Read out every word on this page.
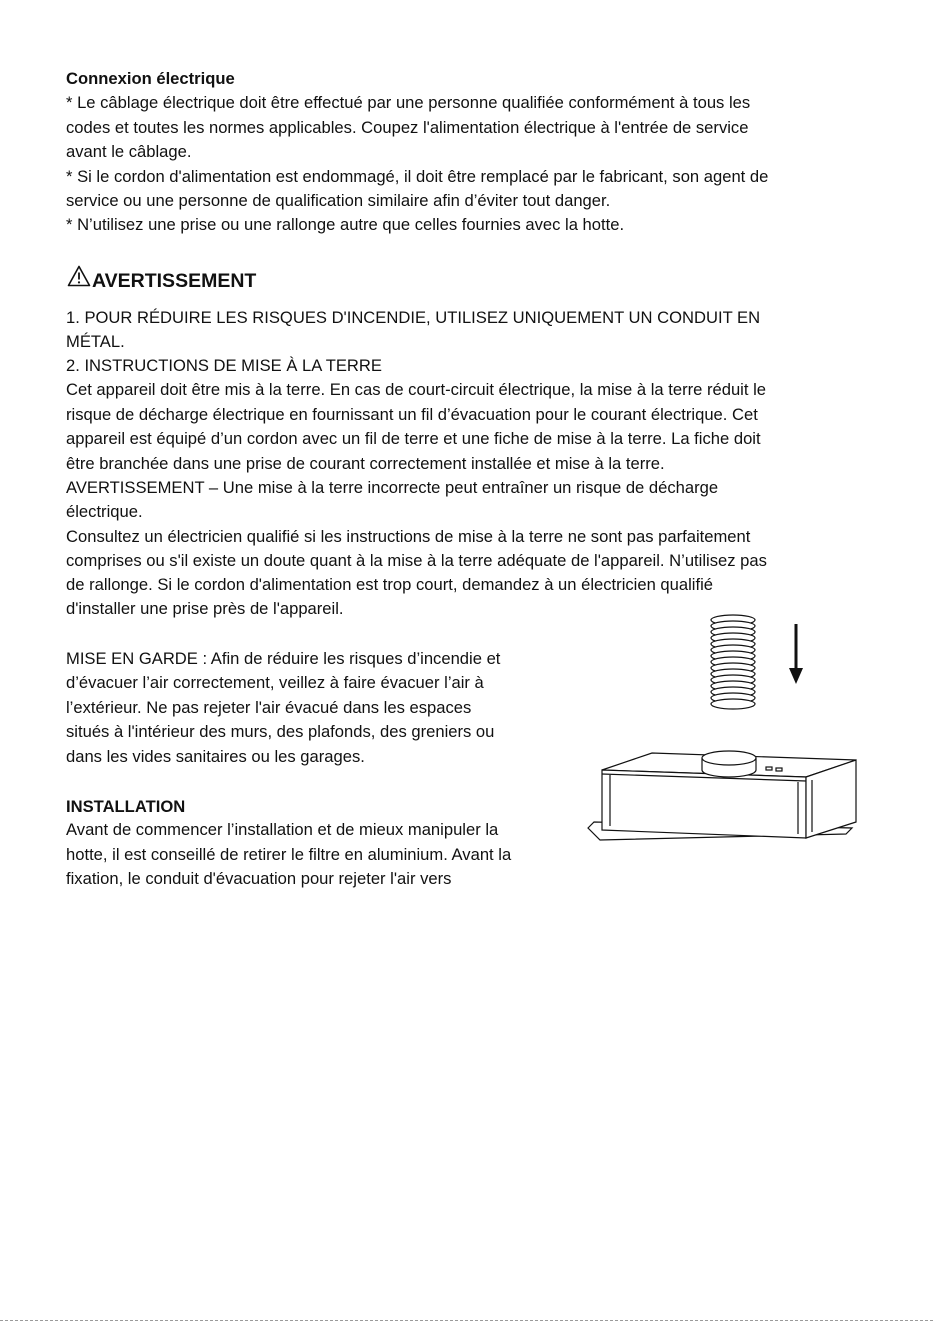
Connexion électrique
* Le câblage électrique doit être effectué par une personne qualifiée conformément à tous les
codes et toutes les normes applicables. Coupez l'alimentation électrique à l'entrée de service
avant le câblage.
* Si le cordon d'alimentation est endommagé, il doit être remplacé par le fabricant, son agent de
service ou une personne de qualification similaire afin d’éviter tout danger.
* N’utilisez une prise ou une rallonge autre que celles fournies avec la hotte.
AVERTISSEMENT
1. POUR RÉDUIRE LES RISQUES D'INCENDIE, UTILISEZ UNIQUEMENT UN CONDUIT EN
MÉTAL.
2. INSTRUCTIONS DE MISE À LA TERRE
Cet appareil doit être mis à la terre. En cas de court-circuit électrique, la mise à la terre réduit le
risque de décharge électrique en fournissant un fil d’évacuation pour le courant électrique. Cet
appareil est équipé d’un cordon avec un fil de terre et une fiche de mise à la terre. La fiche doit
être branchée dans une prise de courant correctement installée et mise à la terre.
AVERTISSEMENT – Une mise à la terre incorrecte peut entraîner un risque de décharge
électrique.
Consultez un électricien qualifié si les instructions de mise à la terre ne sont pas parfaitement
comprises ou s'il existe un doute quant à la mise à la terre adéquate de l'appareil. N’utilisez pas
de rallonge. Si le cordon d'alimentation est trop court, demandez à un électricien qualifié
d'installer une prise près de l'appareil.
MISE EN GARDE : Afin de réduire les risques d’incendie et
d’évacuer l’air correctement, veillez à faire évacuer l’air à
l’extérieur. Ne pas rejeter l'air évacué dans les espaces
situés à l'intérieur des murs, des plafonds, des greniers ou
dans les vides sanitaires ou les garages.
INSTALLATION
Avant de commencer l’installation et de mieux manipuler la
hotte, il est conseillé de retirer le filtre en aluminium. Avant la
fixation, le conduit d'évacuation pour rejeter l'air vers
